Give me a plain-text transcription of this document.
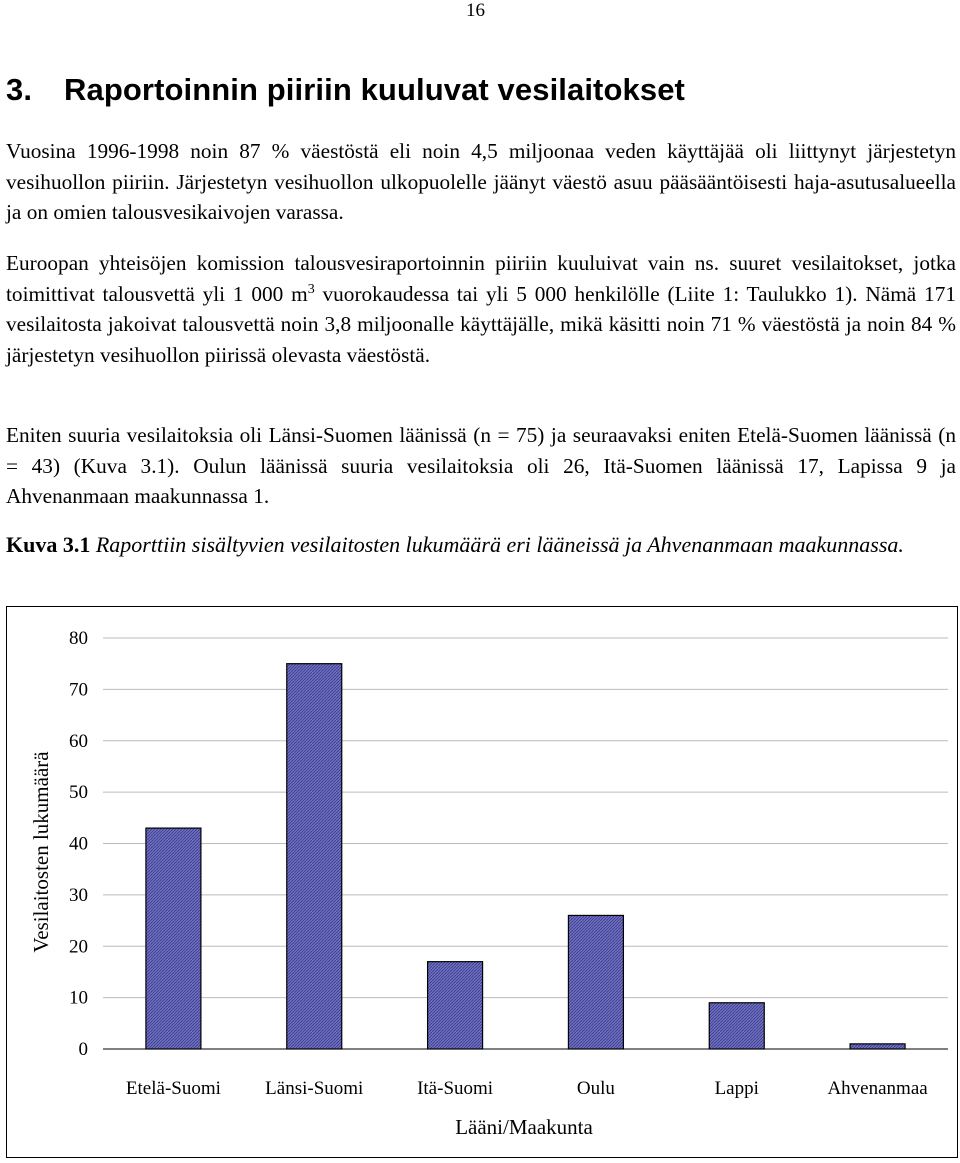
16
3. Raportoinnin piiriin kuuluvat vesilaitokset

Vuosina 1996-1998 noin 87 % väestöstä eli noin 4,5 miljoonaa veden käyttäjää oli liittynyt järjestetyn vesihuollon piiriin. Järjestetyn vesihuollon ulkopuolelle jäänyt väestö asuu pääsääntöisesti haja-asutusalueella ja on omien talousvesikaivojen varassa.

Euroopan yhteisöjen komission talousvesiraportoinnin piiriin kuuluivat vain ns. suuret vesilaitokset, jotka toimittivat talousvettä yli 1 000 $m^3$ vuorokaudessa tai yli 5 000 henkilölle (Liite 1: Taulukko 1). Nämä 171 vesilaitosta jakoivat talousvettä noin 3,8 miljoonalle käyttäjälle, mikä käsitti noin 71 % väestöstä ja noin 84 % järjestetyn vesihuollon piirissä olevasta väestöstä.

Eniten suuria vesilaitoksia oli Länsi-Suomen läänissä (n = 75) ja seuraavaksi eniten Etelä-Suomen läänissä (n = 43) (Kuva 3.1). Oulun läänissä suuria vesilaitoksia oli 26, Itä-Suomen läänissä 17, Lapissa 9 ja Ahvenanmaan maakunnassa 1.

Kuva 3.1 Raporttiin sisältyvien vesilaitosten lukumäärä eri lääneissä ja Ahvenanmaan maakunnassa.

0
10
20
30
40
50
60
70
80
Etelä-Suomi Länsi-Suomi	Itä-Suomi	Oulu	Lappi	Ahvenanmaa
Vesilaitosten lukumäärä
Lääni/Maakunta
